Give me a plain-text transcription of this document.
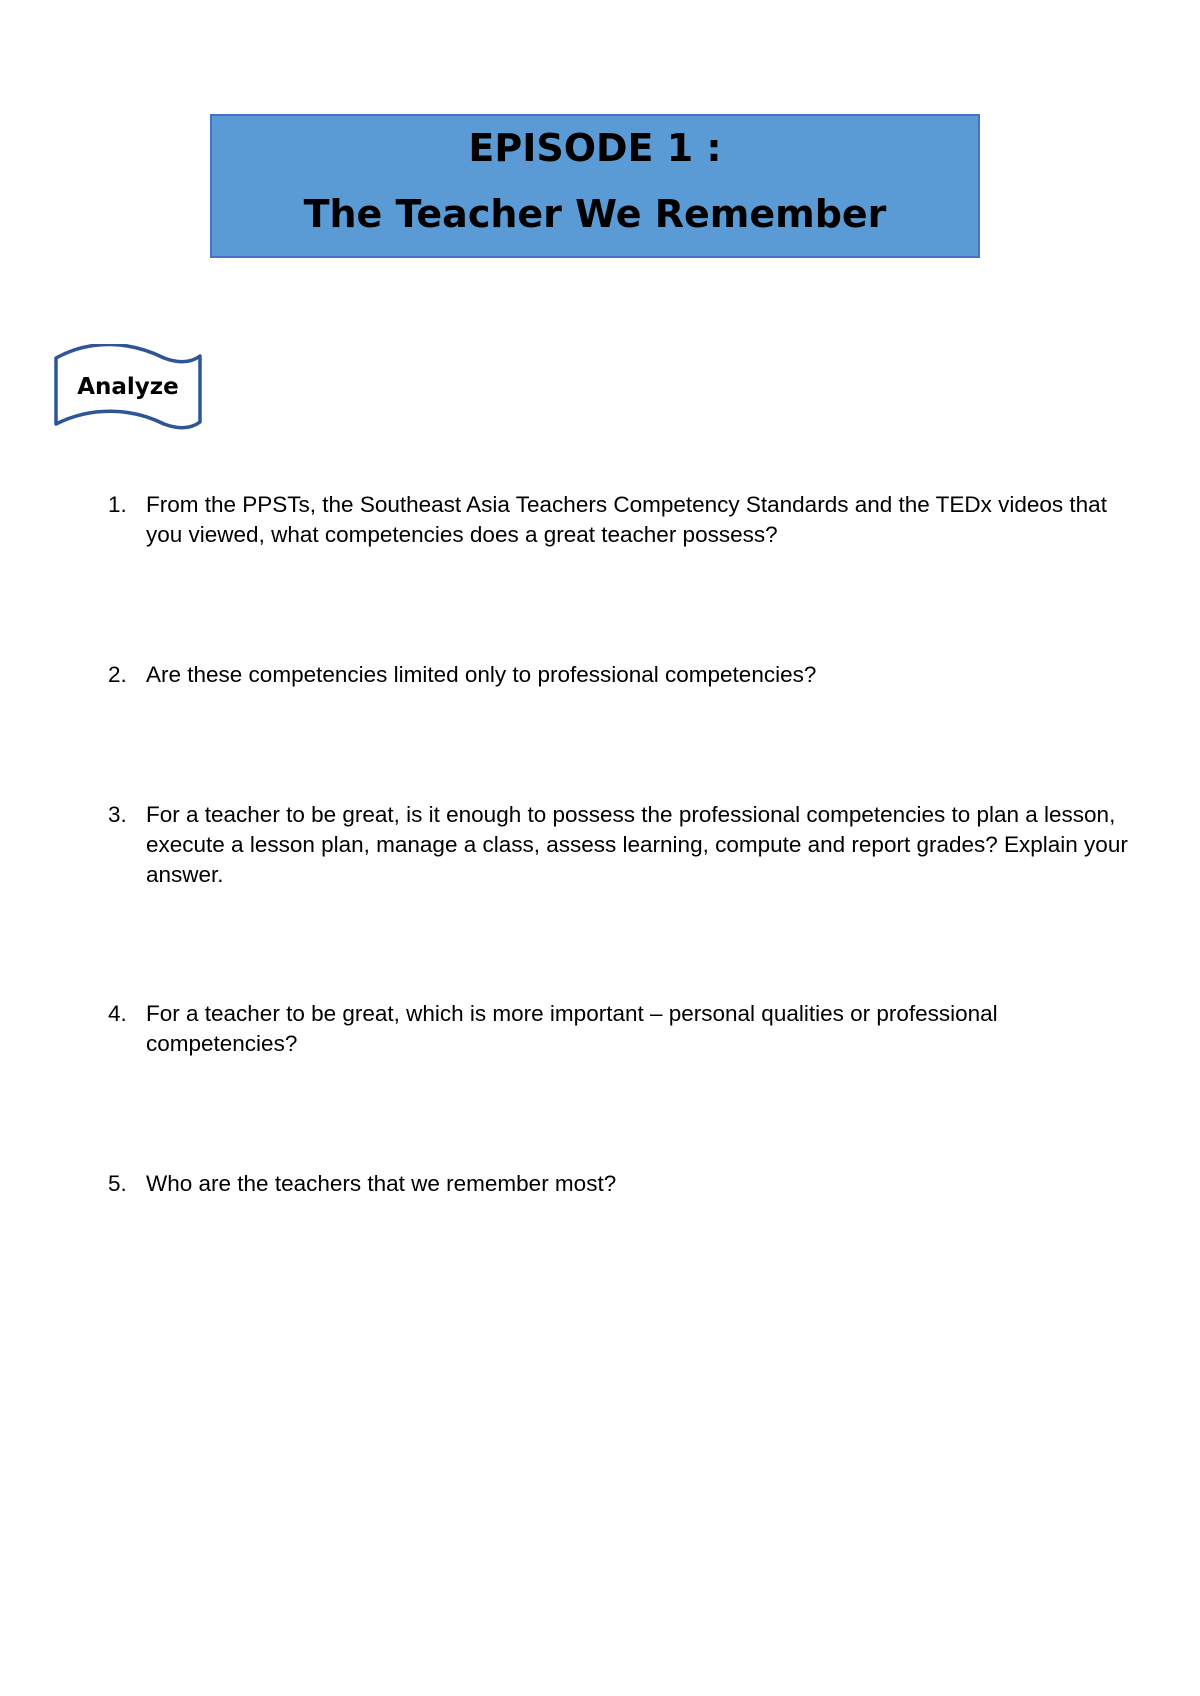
EPISODE 1 :
The Teacher We Remember
Analyze
1. From the PPSTs, the Southeast Asia Teachers Competency Standards and the TEDx videos that you viewed, what competencies does a great teacher possess?
2. Are these competencies limited only to professional competencies?
3. For a teacher to be great, is it enough to possess the professional competencies to plan a lesson, execute a lesson plan, manage a class, assess learning, compute and report grades? Explain your answer.
4. For a teacher to be great, which is more important – personal qualities or professional competencies?
5. Who are the teachers that we remember most?
